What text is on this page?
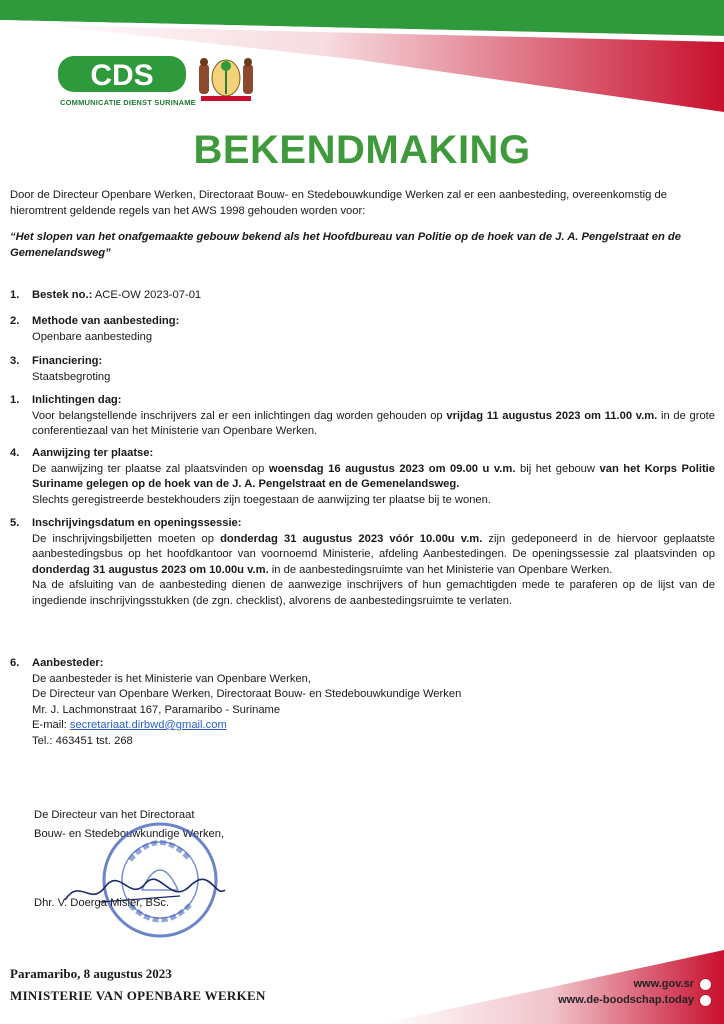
CDS
COMMUNICATIE DIENST SURINAME
BEKENDMAKING
Door de Directeur Openbare Werken, Directoraat Bouw- en Stedebouwkundige Werken zal er een aanbesteding, overeenkomstig de hieromtrent geldende regels van het AWS 1998 gehouden worden voor:
“Het slopen van het onafgemaakte gebouw bekend als het Hoofdbureau van Politie op de hoek van de J. A. Pengelstraat en de Gemenelandsweg”
1. Bestek no.: ACE-OW 2023-07-01
2. Methode van aanbesteding:
Openbare aanbesteding
3. Financiering:
Staatsbegroting
1. Inlichtingen dag:
Voor belangstellende inschrijvers zal er een inlichtingen dag worden gehouden op vrijdag 11 augustus 2023 om 11.00 v.m. in de grote conferentiezaal van het Ministerie van Openbare Werken.
4. Aanwijzing ter plaatse:
De aanwijzing ter plaatse zal plaatsvinden op woensdag 16 augustus 2023 om 09.00 u v.m. bij het gebouw van het Korps Politie Suriname gelegen op de hoek van de J. A. Pengelstraat en de Gemenelandsweg.
Slechts geregistreerde bestekhouders zijn toegestaan de aanwijzing ter plaatse bij te wonen.
5. Inschrijvingsdatum en openingssessie:
De inschrijvingsbiljetten moeten op donderdag 31 augustus 2023 vóór 10.00u v.m. zijn gedeponeerd in de hiervoor geplaatste aanbestedingsbus op het hoofdkantoor van voornoemd Ministerie, afdeling Aanbestedingen. De openingssessie zal plaatsvinden op donderdag 31 augustus 2023 om 10.00u v.m. in de aanbestedingsruimte van het Ministerie van Openbare Werken.
Na de afsluiting van de aanbesteding dienen de aanwezige inschrijvers of hun gemachtigden mede te paraferen op de lijst van de ingediende inschrijvingsstukken (de zgn. checklist), alvorens de aanbestedingsruimte te verlaten.
6. Aanbesteder:
De aanbesteder is het Ministerie van Openbare Werken,
De Directeur van Openbare Werken, Directoraat Bouw- en Stedebouwkundige Werken
Mr. J. Lachmonstraat 167, Paramaribo - Suriname
E-mail: secretariaat.dirbwd@gmail.com
Tel.: 463451 tst. 268
De Directeur van het Directoraat
Bouw- en Stedebouwkundige Werken,
Dhr. V. Doerga Misier, BSc.
Paramaribo, 8 augustus 2023
MINISTERIE VAN OPENBARE WERKEN
www.gov.sr
www.de-boodschap.today
